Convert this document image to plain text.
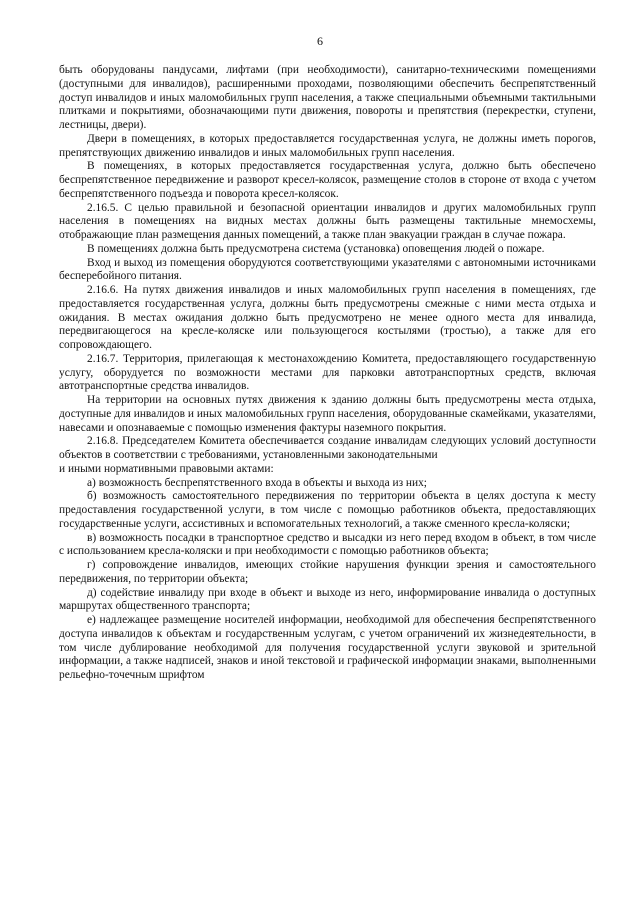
6

быть оборудованы пандусами, лифтами (при необходимости), санитарно-техническими помещениями (доступными для инвалидов), расширенными проходами, позволяющими обеспечить беспрепятственный доступ инвалидов и иных маломобильных групп населения, а также специальными объемными тактильными плитками и покрытиями, обозначающими пути движения, повороты и препятствия (перекрестки, ступени, лестницы, двери).

Двери в помещениях, в которых предоставляется государственная услуга, не должны иметь порогов, препятствующих движению инвалидов и иных маломобильных групп населения.

В помещениях, в которых предоставляется государственная услуга, должно быть обеспечено беспрепятственное передвижение и разворот кресел-колясок, размещение столов в стороне от входа с учетом беспрепятственного подъезда и поворота кресел-колясок.

2.16.5. С целью правильной и безопасной ориентации инвалидов и других маломобильных групп населения в помещениях на видных местах должны быть размещены тактильные мнемосхемы, отображающие план размещения данных помещений, а также план эвакуации граждан в случае пожара.

В помещениях должна быть предусмотрена система (установка) оповещения людей о пожаре.

Вход и выход из помещения оборудуются соответствующими указателями с автономными источниками бесперебойного питания.

2.16.6. На путях движения инвалидов и иных маломобильных групп населения в помещениях, где предоставляется государственная услуга, должны быть предусмотрены смежные с ними места отдыха и ожидания. В местах ожидания должно быть предусмотрено не менее одного места для инвалида, передвигающегося на кресле-коляске или пользующегося костылями (тростью), а также для его сопровождающего.

2.16.7. Территория, прилегающая к местонахождению Комитета, предоставляющего государственную услугу, оборудуется по возможности местами для парковки автотранспортных средств, включая автотранспортные средства инвалидов.

На территории на основных путях движения к зданию должны быть предусмотрены места отдыха, доступные для инвалидов и иных маломобильных групп населения, оборудованные скамейками, указателями, навесами и опознаваемые с помощью изменения фактуры наземного покрытия.

2.16.8. Председателем Комитета обеспечивается создание инвалидам следующих условий доступности объектов в соответствии с требованиями, установленными законодательными

и иными нормативными правовыми актами:

а) возможность беспрепятственного входа в объекты и выхода из них;

б) возможность самостоятельного передвижения по территории объекта в целях доступа к месту предоставления государственной услуги, в том числе с помощью работников объекта, предоставляющих государственные услуги, ассистивных и вспомогательных технологий, а также сменного кресла-коляски;

в) возможность посадки в транспортное средство и высадки из него перед входом в объект, в том числе с использованием кресла-коляски и при необходимости с помощью работников объекта;

г) сопровождение инвалидов, имеющих стойкие нарушения функции зрения и самостоятельного передвижения, по территории объекта;

д) содействие инвалиду при входе в объект и выходе из него, информирование инвалида о доступных маршрутах общественного транспорта;

е) надлежащее размещение носителей информации, необходимой для обеспечения беспрепятственного доступа инвалидов к объектам и государственным услугам, с учетом ограничений их жизнедеятельности, в том числе дублирование необходимой для получения государственной услуги звуковой и зрительной информации, а также надписей, знаков и иной текстовой и графической информации знаками, выполненными рельефно-точечным шрифтом
